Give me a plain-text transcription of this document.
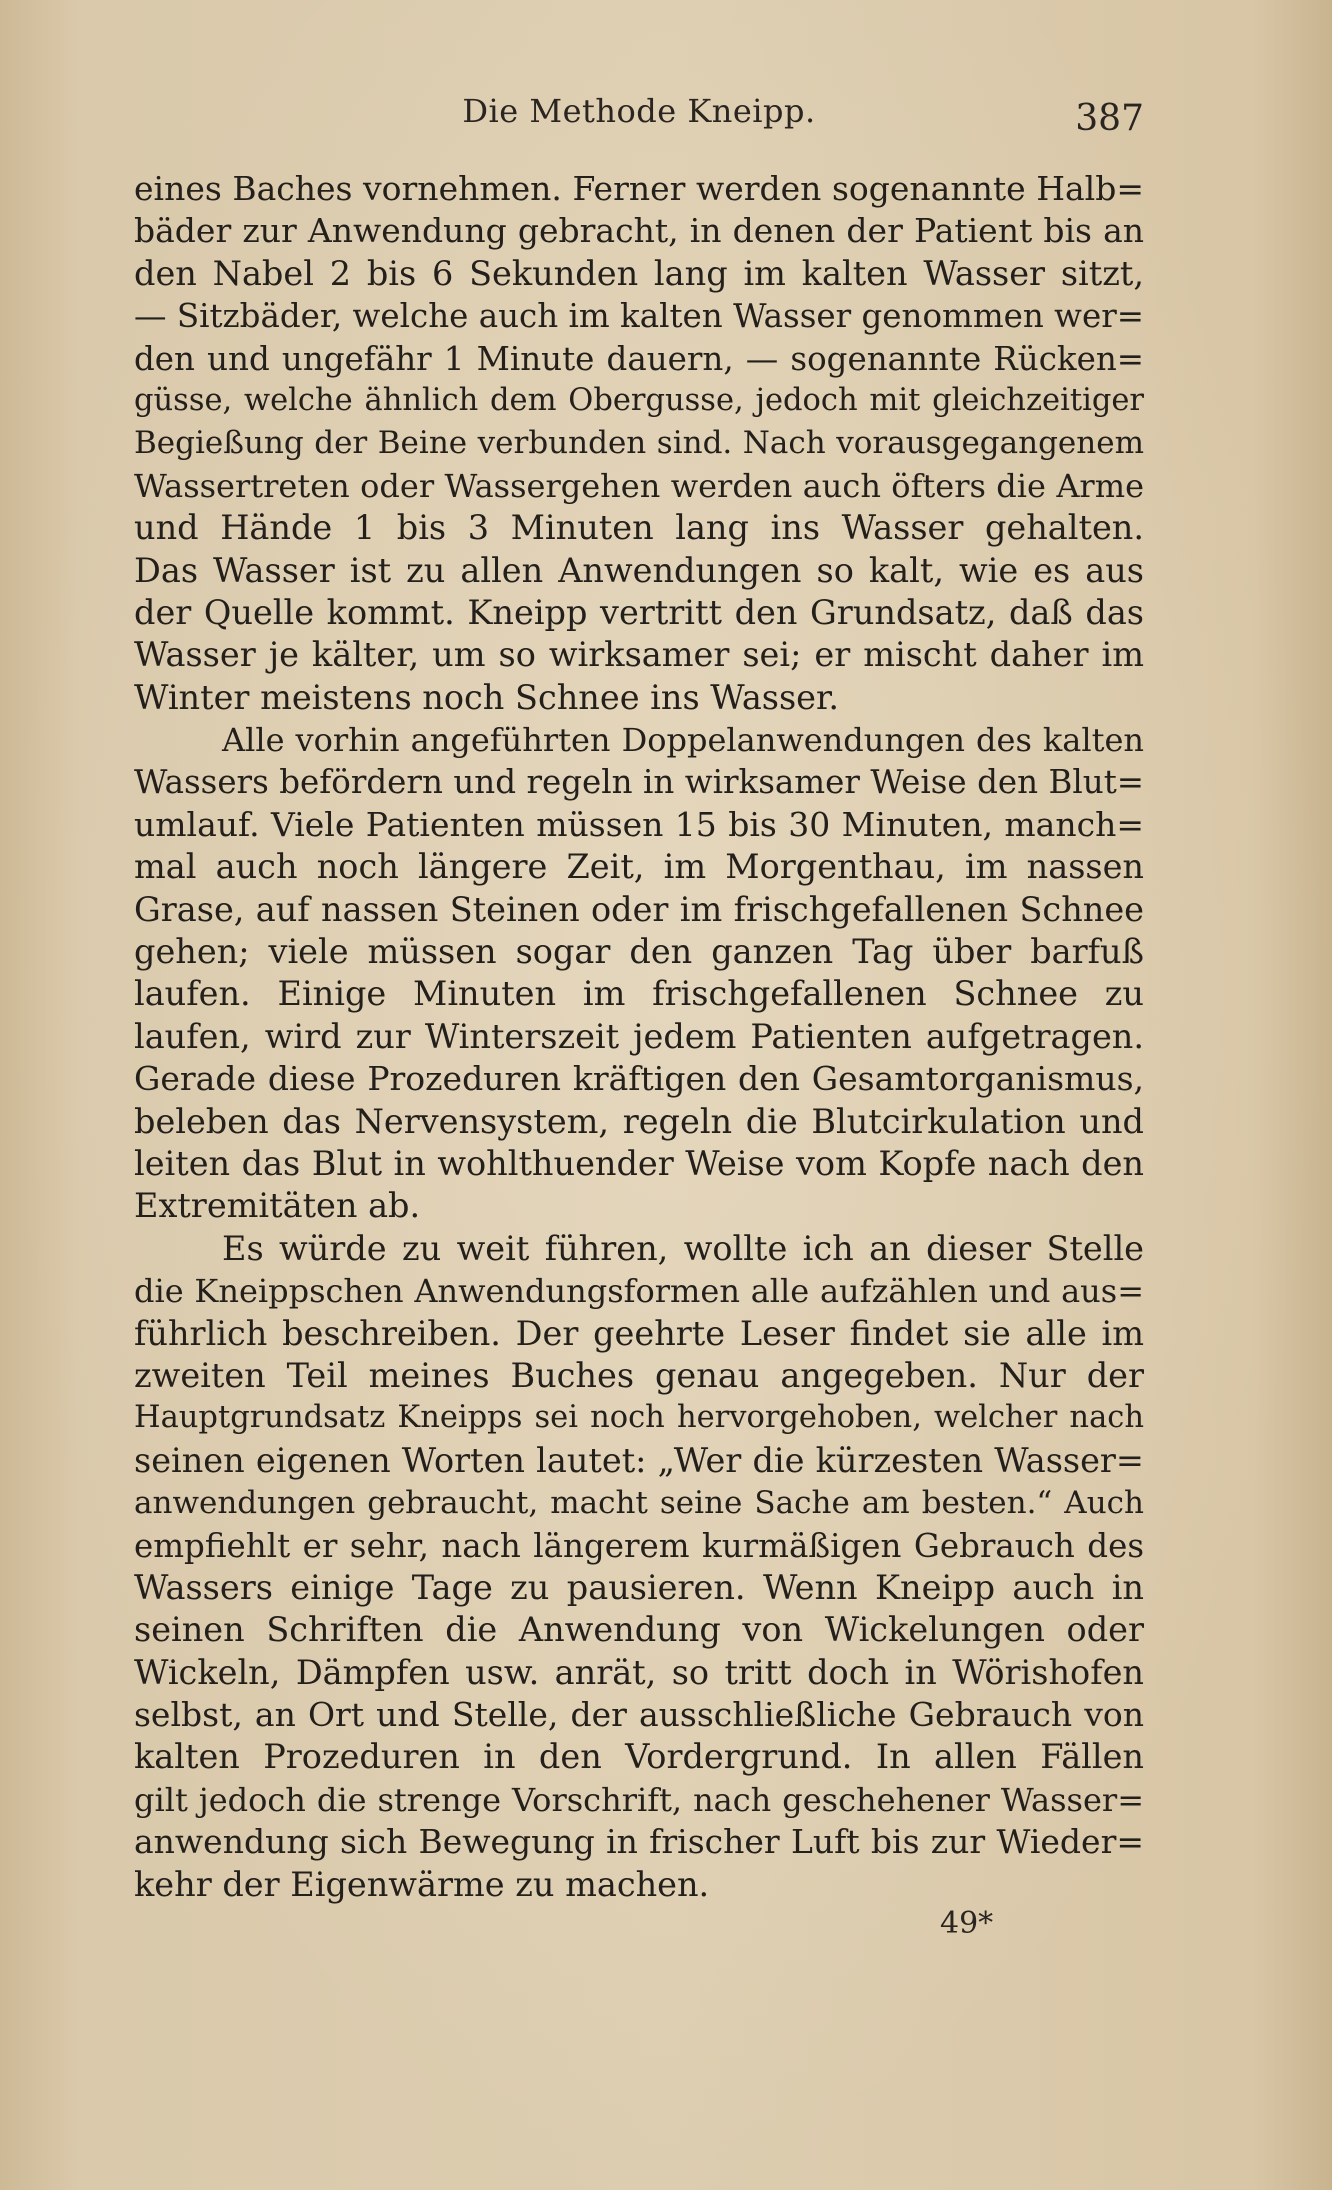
Die Methode Kneipp.	387
eines Baches vornehmen. Ferner werden sogenannte Halb=
bäder zur Anwendung gebracht, in denen der Patient bis an
den Nabel 2 bis 6 Sekunden lang im kalten Wasser sitzt,
— Sitzbäder, welche auch im kalten Wasser genommen wer=
den und ungefähr 1 Minute dauern, — sogenannte Rücken=
güsse, welche ähnlich dem Obergusse, jedoch mit gleichzeitiger
Begießung der Beine verbunden sind. Nach vorausgegangenem
Wassertreten oder Wassergehen werden auch öfters die Arme
und Hände 1 bis 3 Minuten lang ins Wasser gehalten.
Das Wasser ist zu allen Anwendungen so kalt, wie es aus
der Quelle kommt. Kneipp vertritt den Grundsatz, daß das
Wasser je kälter, um so wirksamer sei; er mischt daher im
Winter meistens noch Schnee ins Wasser.
Alle vorhin angeführten Doppelanwendungen des kalten
Wassers befördern und regeln in wirksamer Weise den Blut=
umlauf. Viele Patienten müssen 15 bis 30 Minuten, manch=
mal auch noch längere Zeit, im Morgenthau, im nassen
Grase, auf nassen Steinen oder im frischgefallenen Schnee
gehen; viele müssen sogar den ganzen Tag über barfuß
laufen. Einige Minuten im frischgefallenen Schnee zu
laufen, wird zur Winterszeit jedem Patienten aufgetragen.
Gerade diese Prozeduren kräftigen den Gesamtorganismus,
beleben das Nervensystem, regeln die Blutcirkulation und
leiten das Blut in wohlthuender Weise vom Kopfe nach den
Extremitäten ab.
Es würde zu weit führen, wollte ich an dieser Stelle
die Kneippschen Anwendungsformen alle aufzählen und aus=
führlich beschreiben. Der geehrte Leser findet sie alle im
zweiten Teil meines Buches genau angegeben. Nur der
Hauptgrundsatz Kneipps sei noch hervorgehoben, welcher nach
seinen eigenen Worten lautet: „Wer die kürzesten Wasser=
anwendungen gebraucht, macht seine Sache am besten.“ Auch
empfiehlt er sehr, nach längerem kurmäßigen Gebrauch des
Wassers einige Tage zu pausieren. Wenn Kneipp auch in
seinen Schriften die Anwendung von Wickelungen oder
Wickeln, Dämpfen usw. anrät, so tritt doch in Wörishofen
selbst, an Ort und Stelle, der ausschließliche Gebrauch von
kalten Prozeduren in den Vordergrund. In allen Fällen
gilt jedoch die strenge Vorschrift, nach geschehener Wasser=
anwendung sich Bewegung in frischer Luft bis zur Wieder=
kehr der Eigenwärme zu machen.
49*
